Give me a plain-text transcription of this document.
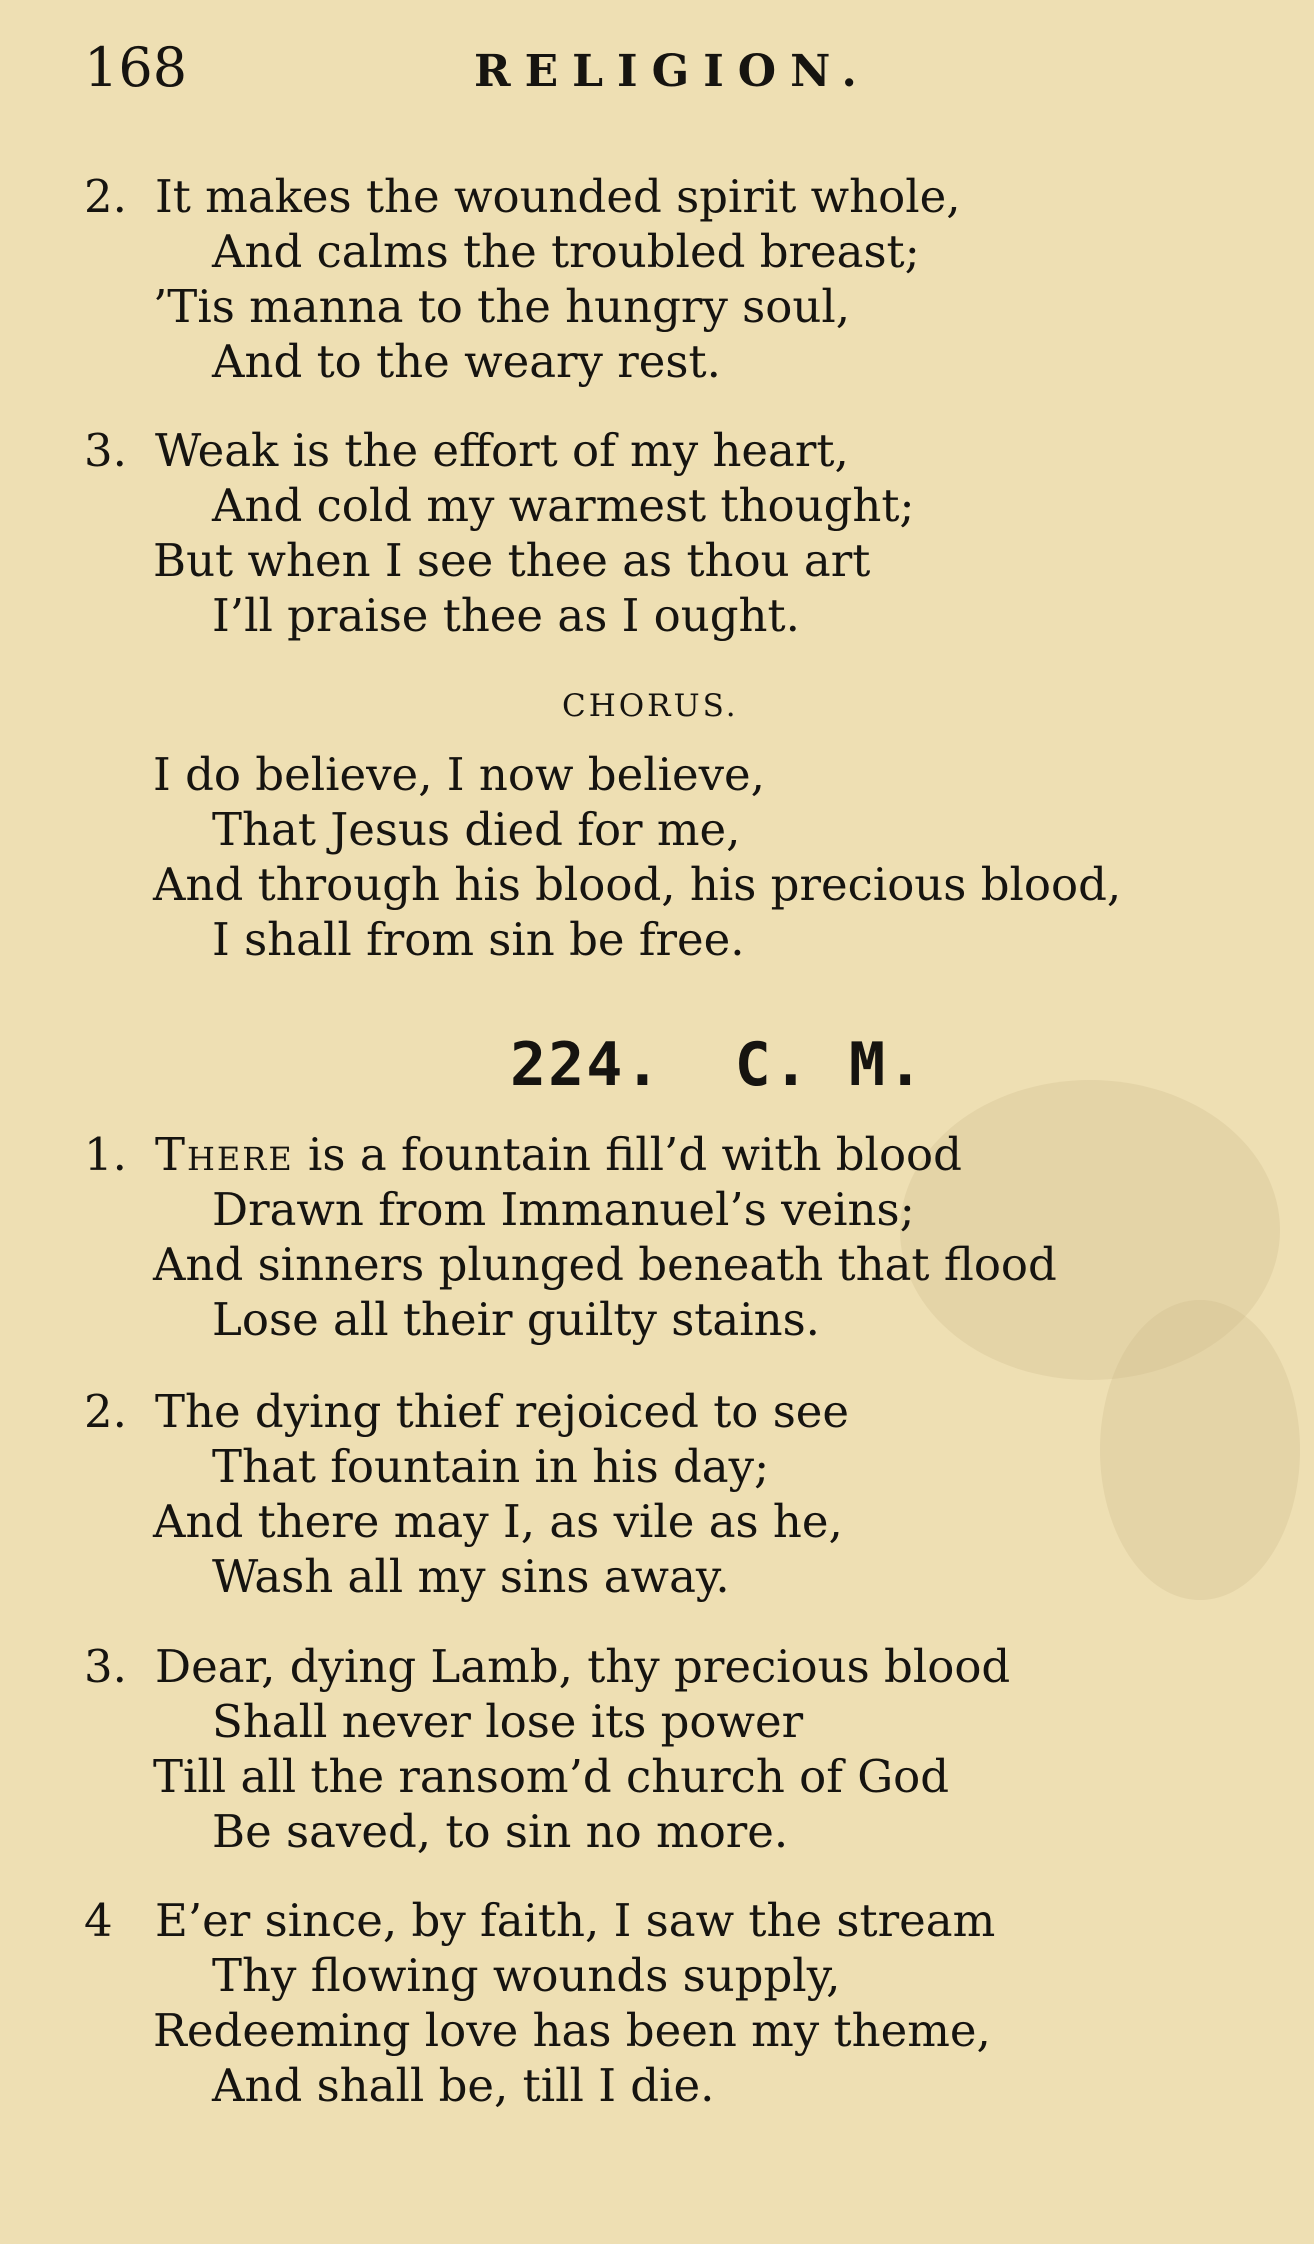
168	RELIGION.
2. It makes the wounded spirit whole,
And calms the troubled breast;
’Tis manna to the hungry soul,
And to the weary rest.
3. Weak is the effort of my heart,
And cold my warmest thought;
But when I see thee as thou art
I’ll praise thee as I ought.
CHORUS.
I do believe, I now believe,
That Jesus died for me,
And through his blood, his precious blood,
I shall from sin be free.
224. C. M.
1. There is a fountain fill’d with blood
Drawn from Immanuel’s veins;
And sinners plunged beneath that flood
Lose all their guilty stains.
2. The dying thief rejoiced to see
That fountain in his day;
And there may I, as vile as he,
Wash all my sins away.
3. Dear, dying Lamb, thy precious blood
Shall never lose its power
Till all the ransom’d church of God
Be saved, to sin no more.
4 E’er since, by faith, I saw the stream
Thy flowing wounds supply,
Redeeming love has been my theme,
And shall be, till I die.
